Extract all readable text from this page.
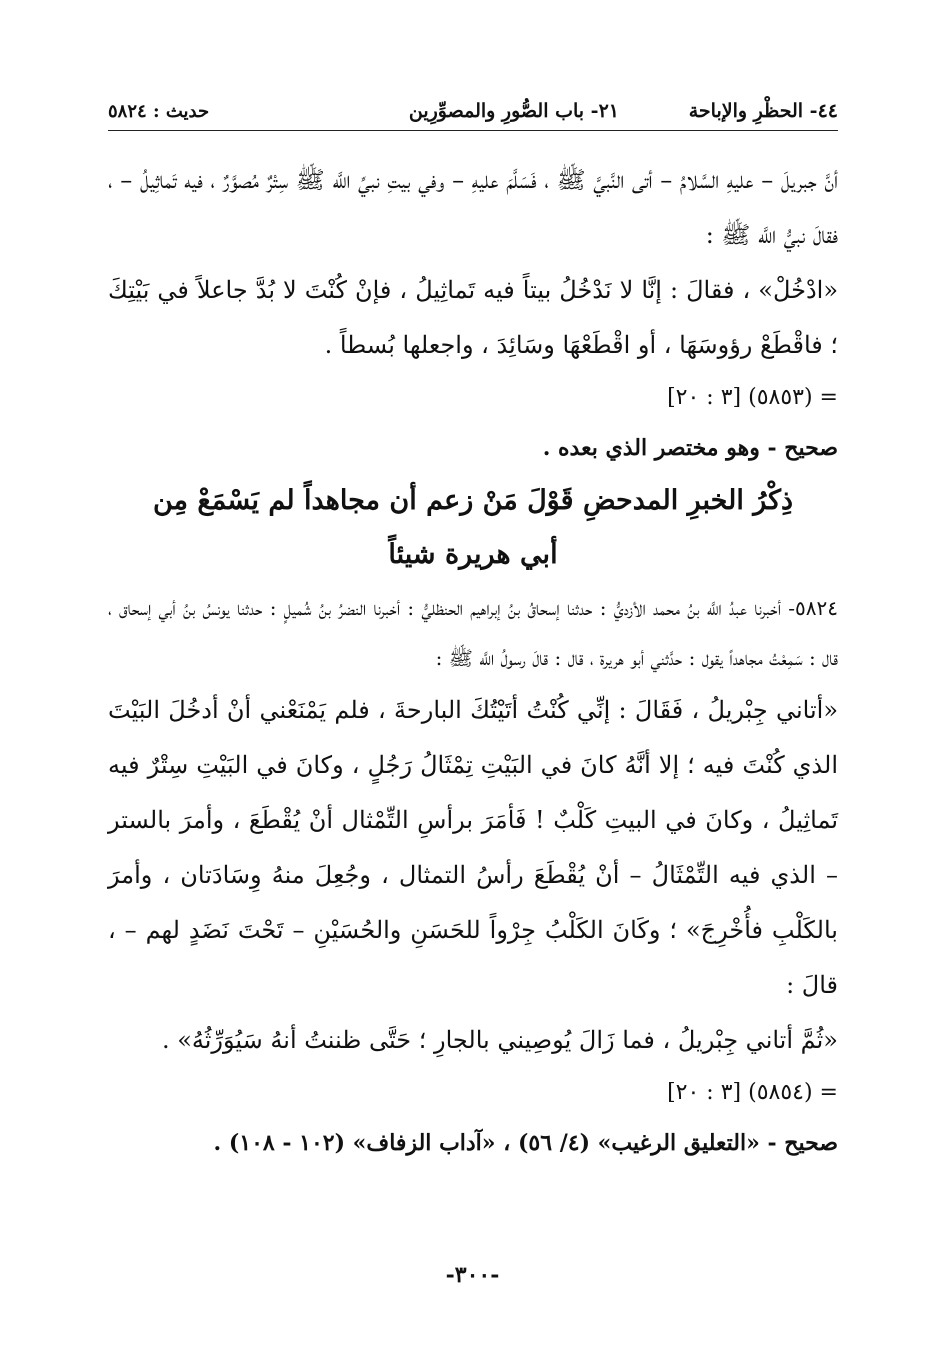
٤٤- الحظْرِ والإباحة
٢١- باب الصُّورِ والمصوِّرِين
حديث : ٥٨٢٤

أنَّ جبريلَ – عليهِ السَّلامُ – أتى النَّبيَّ ﷺ ، فَسَلَّمَ عليهِ – وفي بيتِ نبيِّ اللَّه ﷺ سِتْرٌ مُصوَّرٌ ، فيه تَماثِيلُ – ، فقالَ نبيُّ اللَّه ﷺ :

«ادْخُلْ» ، فقالَ : إنَّا لا نَدْخُلُ بيتاً فيه تَماثِيلُ ، فإنْ كُنْتَ لا بُدَّ جاعلاً في بَيْتِكَ ؛ فاقْطَعْ رؤوسَهَا ، أو اقْطَعْهَا وسَائِدَ ، واجعلها بُسطاً .

= (٥٨٥٣) [٣ : ٢٠]

صحيح - وهو مختصر الذي بعده .

ذِكْرُ الخبرِ المدحضِ قَوْلَ مَنْ زعم أن مجاهداً لم يَسْمَعْ مِن

أبي هريرة شيئاً

٥٨٢٤- أخبرنا عبدُ اللَّه بنُ محمد الأزديُّ : حدثنا إسحاقُ بنُ إبراهيم الحنظليُّ : أخبرنا النضرُ بنُ شُميلٍ : حدثنا يونسُ بنُ أبي إسحاق ، قال : سَمِعْتُ مجاهداً يقول : حدَّثني أبو هريرة ، قال : قالَ رسولُ اللَّه ﷺ :

«أتاني جِبْريلُ ، فَقَالَ : إنِّي كُنْتُ أتَيْتُكَ البارحةَ ، فلم يَمْنَعْني أنْ أدخُلَ البَيْتَ الذي كُنْتَ فيه ؛ إلا أنَّهُ كانَ في البَيْتِ تِمْثَالُ رَجُلٍ ، وكانَ في البَيْتِ سِتْرٌ فيه تَماثِيلُ ، وكانَ في البيتِ كَلْبٌ ! فَأمَرَ برأسِ التِّمْثال أنْ يُقْطَعَ ، وأمرَ بالستر – الذي فيه التِّمْثَالُ – أنْ يُقْطَعَ رأسُ التمثال ، وجُعِلَ منهُ وِسَادَتان ، وأمرَ بالكَلْبِ فأُخْرِجَ» ؛ وكَانَ الكَلْبُ جِرْواً للحَسَنِ والحُسَيْنِ – تَحْتَ نَضَدٍ لهم – ، قالَ :

«ثُمَّ أتاني جِبْريلُ ، فما زَالَ يُوصِيني بالجارِ ؛ حَتَّى ظننتُ أنهُ سَيُوَرِّثُهُ» .

= (٥٨٥٤) [٣ : ٢٠]

صحيح - «التعليق الرغيب» (٤/ ٥٦) ، «آداب الزفاف» (١٠٢ - ١٠٨) .

-٣٠٠-
